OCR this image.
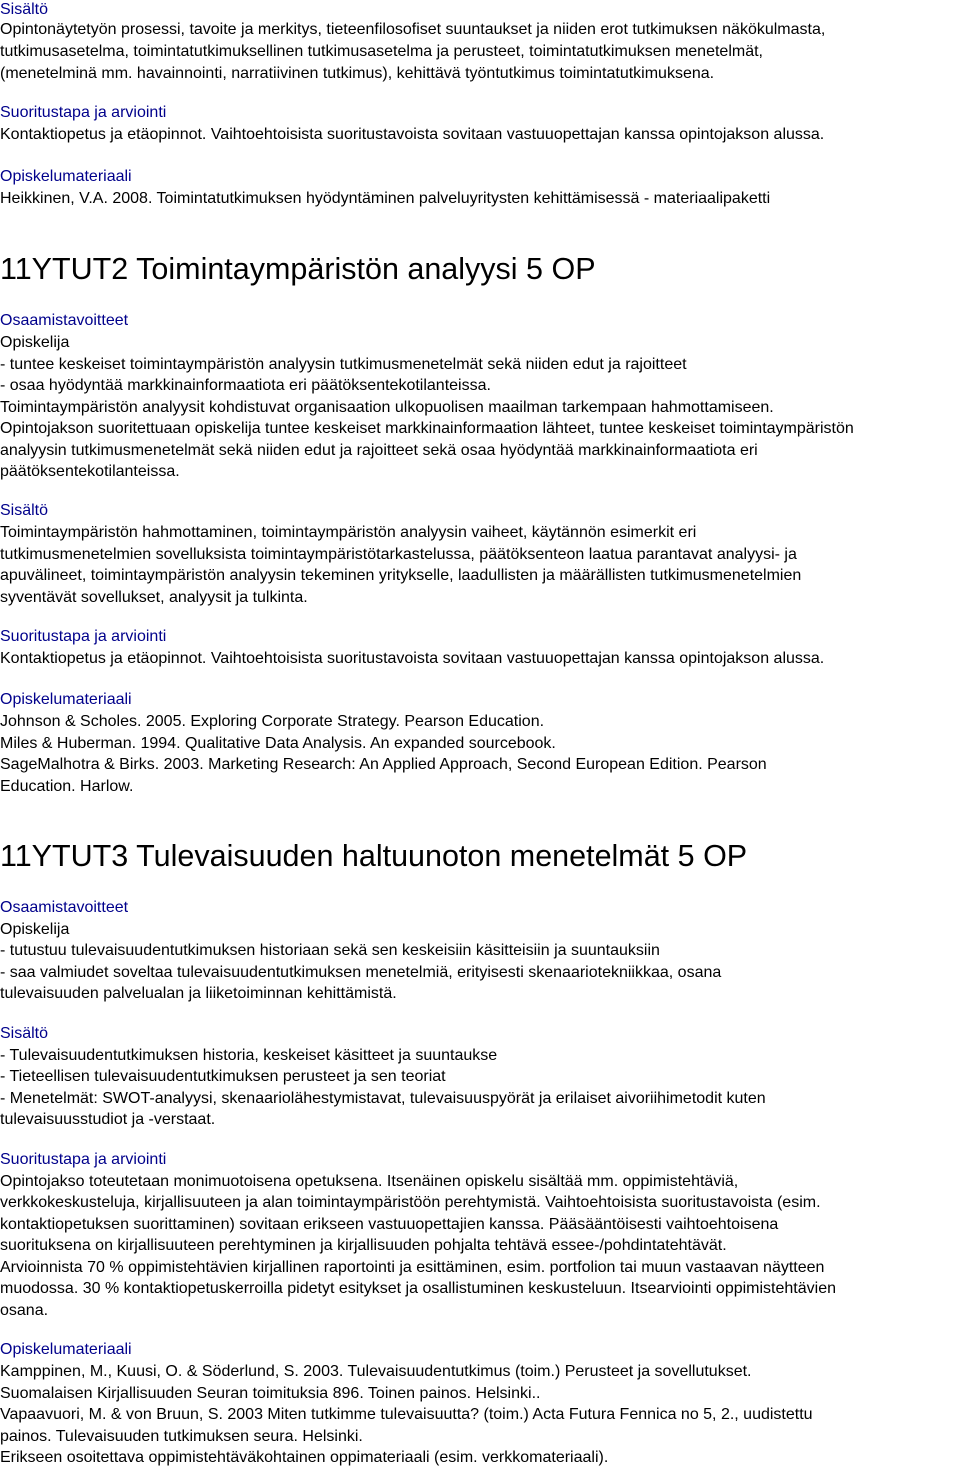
Sisältö
Opintonäytetyön prosessi, tavoite ja merkitys, tieteenfilosofiset suuntaukset ja niiden erot tutkimuksen näkökulmasta,
tutkimusasetelma, toimintatutkimuksellinen tutkimusasetelma ja perusteet, toimintatutkimuksen menetelmät,
(menetelminä mm. havainnointi, narratiivinen tutkimus), kehittävä työntutkimus toimintatutkimuksena.
Suoritustapa ja arviointi
Kontaktiopetus ja etäopinnot. Vaihtoehtoisista suoritustavoista sovitaan vastuuopettajan kanssa opintojakson alussa.
Opiskelumateriaali
Heikkinen, V.A. 2008. Toimintatutkimuksen hyödyntäminen palveluyritysten kehittämisessä - materiaalipaketti
11YTUT2 Toimintaympäristön analyysi 5 OP
Osaamistavoitteet
Opiskelija
- tuntee keskeiset toimintaympäristön analyysin tutkimusmenetelmät sekä niiden edut ja rajoitteet
- osaa hyödyntää markkinainformaatiota eri päätöksentekotilanteissa.
Toimintaympäristön analyysit kohdistuvat organisaation ulkopuolisen maailman tarkempaan hahmottamiseen.
Opintojakson suoritettuaan opiskelija tuntee keskeiset markkinainformaation lähteet, tuntee keskeiset toimintaympäristön
analyysin tutkimusmenetelmät sekä niiden edut ja rajoitteet sekä osaa hyödyntää markkinainformaatiota eri
päätöksentekotilanteissa.
Sisältö
Toimintaympäristön hahmottaminen, toimintaympäristön analyysin vaiheet, käytännön esimerkit eri
tutkimusmenetelmien sovelluksista toimintaympäristötarkastelussa, päätöksenteon laatua parantavat analyysi- ja
apuvälineet, toimintaympäristön analyysin tekeminen yritykselle, laadullisten ja määrällisten tutkimusmenetelmien
syventävät sovellukset, analyysit ja tulkinta.
Suoritustapa ja arviointi
Kontaktiopetus ja etäopinnot. Vaihtoehtoisista suoritustavoista sovitaan vastuuopettajan kanssa opintojakson alussa.
Opiskelumateriaali
Johnson & Scholes. 2005. Exploring Corporate Strategy. Pearson Education.
Miles & Huberman. 1994. Qualitative Data Analysis. An expanded sourcebook.
SageMalhotra & Birks. 2003. Marketing Research: An Applied Approach, Second European Edition. Pearson
Education. Harlow.
11YTUT3 Tulevaisuuden haltuunoton menetelmät 5 OP
Osaamistavoitteet
Opiskelija
- tutustuu tulevaisuudentutkimuksen historiaan sekä sen keskeisiin käsitteisiin ja suuntauksiin
- saa valmiudet soveltaa tulevaisuudentutkimuksen menetelmiä, erityisesti skenaariotekniikkaa, osana
tulevaisuuden palvelualan ja liiketoiminnan kehittämistä.
Sisältö
- Tulevaisuudentutkimuksen historia, keskeiset käsitteet ja suuntaukse
- Tieteellisen tulevaisuudentutkimuksen perusteet ja sen teoriat
- Menetelmät: SWOT-analyysi, skenaariolähestymistavat, tulevaisuuspyörät ja erilaiset aivoriihimetodit kuten
tulevaisuusstudiot ja -verstaat.
Suoritustapa ja arviointi
Opintojakso toteutetaan monimuotoisena opetuksena. Itsenäinen opiskelu sisältää mm. oppimistehtäviä,
verkkokeskusteluja, kirjallisuuteen ja alan toimintaympäristöön perehtymistä. Vaihtoehtoisista suoritustavoista (esim.
kontaktiopetuksen suorittaminen) sovitaan erikseen vastuuopettajien kanssa. Pääsääntöisesti vaihtoehtoisena
suorituksena on kirjallisuuteen perehtyminen ja kirjallisuuden pohjalta tehtävä essee-/pohdintatehtävät.
Arvioinnista 70 % oppimistehtävien kirjallinen raportointi ja esittäminen, esim. portfolion tai muun vastaavan näytteen
muodossa. 30 % kontaktiopetuskerroilla pidetyt esitykset ja osallistuminen keskusteluun. Itsearviointi oppimistehtävien
osana.
Opiskelumateriaali
Kamppinen, M., Kuusi, O. & Söderlund, S. 2003. Tulevaisuudentutkimus (toim.) Perusteet ja sovellutukset.
Suomalaisen Kirjallisuuden Seuran toimituksia 896. Toinen painos. Helsinki..
Vapaavuori, M. & von Bruun, S. 2003 Miten tutkimme tulevaisuutta? (toim.) Acta Futura Fennica no 5, 2., uudistettu
painos. Tulevaisuuden tutkimuksen seura. Helsinki.
Erikseen osoitettava oppimistehtäväkohtainen oppimateriaali (esim. verkkomateriaali).
